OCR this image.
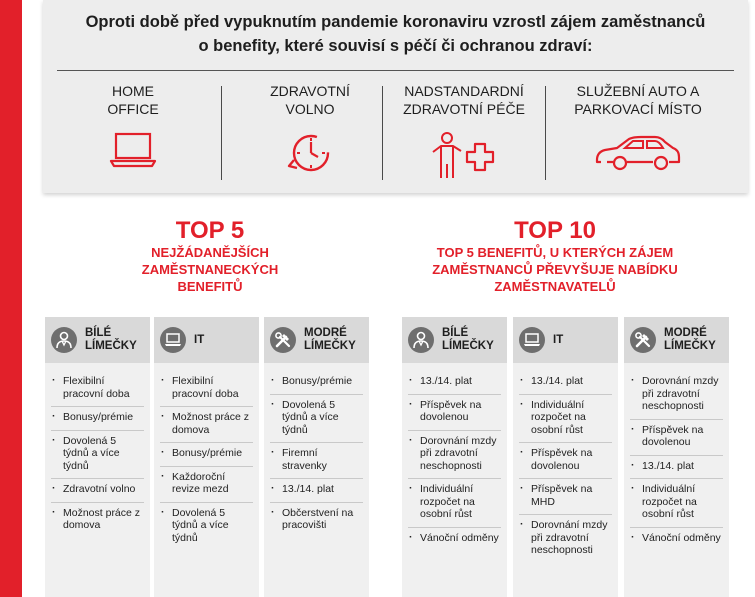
Oproti době před vypuknutím pandemie koronaviru vzrostl zájem zaměstnanců o benefity, které souvisí s péčí či ochranou zdraví:
HOME OFFICE
ZDRAVOTNÍ VOLNO
NADSTANDARDNÍ ZDRAVOTNÍ PÉČE
SLUŽEBNÍ AUTO A PARKOVACÍ MÍSTO
TOP 5
NEJŽÁDANĚJŠÍCH ZAMĚSTNANECKÝCH BENEFITŮ
TOP 10
TOP 5 BENEFITŮ, U KTERÝCH ZÁJEM ZAMĚSTNANCŮ PŘEVYŠUJE NABÍDKU ZAMĚSTNAVATELŮ
BÍLÉ LÍMEČKY
· Flexibilní pracovní doba
· Bonusy/prémie
· Dovolená 5 týdnů a více týdnů
· Zdravotní volno
· Možnost práce z domova
IT
· Flexibilní pracovní doba
· Možnost práce z domova
· Bonusy/prémie
· Každoroční revize mezd
· Dovolená 5 týdnů a více týdnů
MODRÉ LÍMEČKY
· Bonusy/prémie
· Dovolená 5 týdnů a více týdnů
· Firemní stravenky
· 13./14. plat
· Občerstvení na pracovišti
BÍLÉ LÍMEČKY
· 13./14. plat
· Příspěvek na dovolenou
· Dorovnání mzdy při zdravotní neschopnosti
· Individuální rozpočet na osobní růst
· Vánoční odměny
IT
· 13./14. plat
· Individuální rozpočet na osobní růst
· Příspěvek na dovolenou
· Příspěvek na MHD
· Dorovnání mzdy při zdravotní neschopnosti
MODRÉ LÍMEČKY
· Dorovnání mzdy při zdravotní neschopnosti
· Příspěvek na dovolenou
· 13./14. plat
· Individuální rozpočet na osobní růst
· Vánoční odměny
